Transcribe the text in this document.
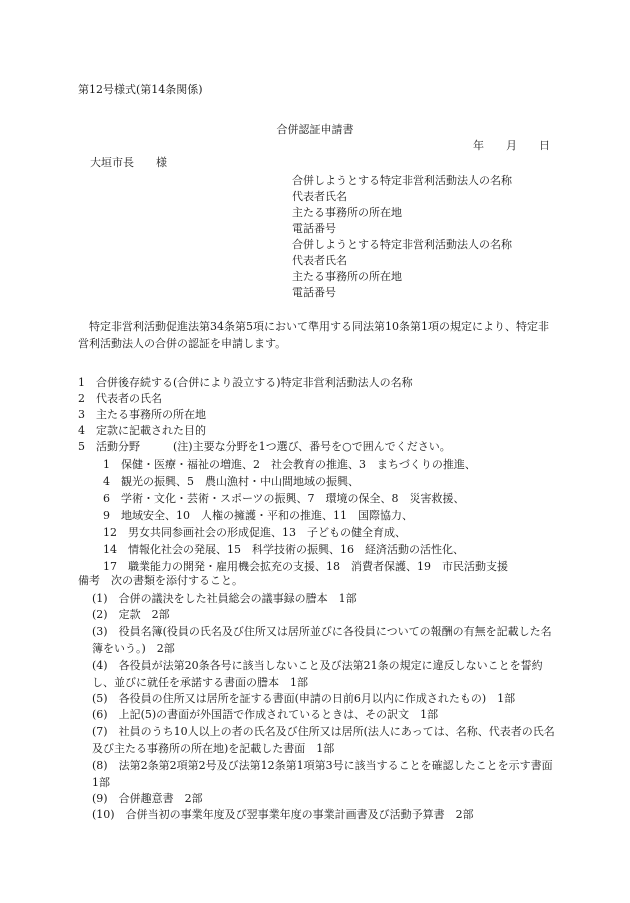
第12号様式(第14条関係)
合併認証申請書
年　　月　　日
大垣市長　　様
合併しようとする特定非営利活動法人の名称
代表者氏名
主たる事務所の所在地
電話番号
合併しようとする特定非営利活動法人の名称
代表者氏名
主たる事務所の所在地
電話番号
特定非営利活動促進法第34条第5項において準用する同法第10条第1項の規定により、特定非営利活動法人の合併の認証を申請します。
1　合併後存続する(合併により設立する)特定非営利活動法人の名称
2　代表者の氏名
3　主たる事務所の所在地
4　定款に記載された目的
5　活動分野　　　(注)主要な分野を1つ選び、番号を○で囲んでください。
1　保健・医療・福祉の増進、2　社会教育の推進、3　まちづくりの推進、
4　観光の振興、5　農山漁村・中山間地域の振興、
6　学術・文化・芸術・スポーツの振興、7　環境の保全、8　災害救援、
9　地域安全、10　人権の擁護・平和の推進、11　国際協力、
12　男女共同参画社会の形成促進、13　子どもの健全育成、
14　情報化社会の発展、15　科学技術の振興、16　経済活動の活性化、
17　職業能力の開発・雇用機会拡充の支援、18　消費者保護、19　市民活動支援
備考　次の書類を添付すること。
(1)　合併の議決をした社員総会の議事録の謄本　1部
(2)　定款　2部
(3)　役員名簿(役員の氏名及び住所又は居所並びに各役員についての報酬の有無を記載した名簿をいう。)　2部
(4)　各役員が法第20条各号に該当しないこと及び法第21条の規定に違反しないことを誓約し、並びに就任を承諾する書面の謄本　1部
(5)　各役員の住所又は居所を証する書面(申請の日前6月以内に作成されたもの)　1部
(6)　上記(5)の書面が外国語で作成されているときは、その訳文　1部
(7)　社員のうち10人以上の者の氏名及び住所又は居所(法人にあっては、名称、代表者の氏名及び主たる事務所の所在地)を記載した書面　1部
(8)　法第2条第2項第2号及び法第12条第1項第3号に該当することを確認したことを示す書面　1部
(9)　合併趣意書　2部
(10)　合併当初の事業年度及び翌事業年度の事業計画書及び活動予算書　2部
